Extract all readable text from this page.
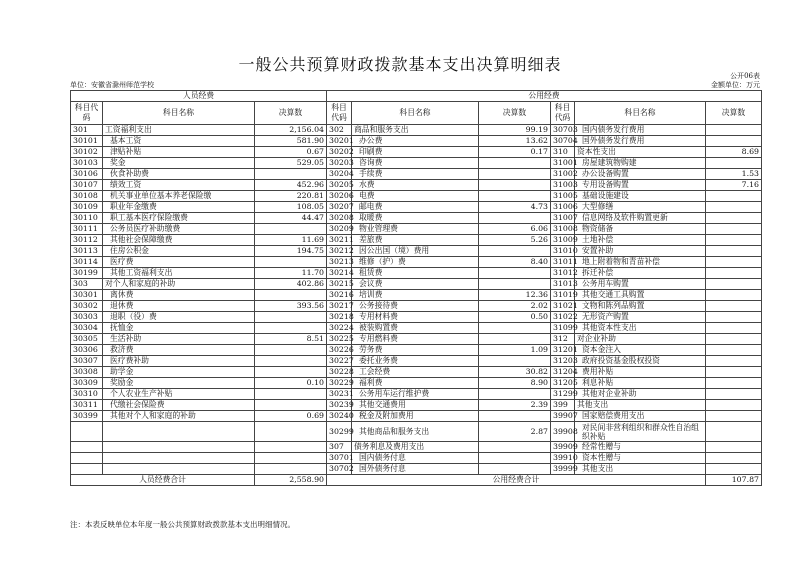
一般公共预算财政拨款基本支出决算明细表
公开06表
单位：安徽省滁州师范学校	金额单位：万元
人员经费			公用经费					
科目代码	科目名称	决算数	科目代码	科目名称	决算数	科目代码	科目名称	决算数
301	工资福利支出	2,156.04	302	商品和服务支出	99.19	30703	国内债务发行费用	
30101	基本工资	581.90	30201	办公费	13.62	30704	国外债务发行费用	
30102	津贴补贴	0.67	30202	印刷费	0.17	310	资本性支出	8.69
30103	奖金	529.05	30203	咨询费		31001	房屋建筑物购建	
30106	伙食补助费		30204	手续费		31002	办公设备购置	1.53
30107	绩效工资	452.96	30205	水费		31003	专用设备购置	7.16
30108	机关事业单位基本养老保险缴	220.81	30206	电费		31005	基础设施建设	
30109	职业年金缴费	108.05	30207	邮电费	4.73	31006	大型修缮	
30110	职工基本医疗保险缴费	44.47	30208	取暖费		31007	信息网络及软件购置更新	
30111	公务员医疗补助缴费		30209	物业管理费	6.06	31008	物资储备	
30112	其他社会保障缴费	11.69	30211	差旅费	5.26	31009	土地补偿	
30113	住房公积金	194.75	30212	因公出国（境）费用		31010	安置补助	
30114	医疗费		30213	维修（护）费	8.40	31011	地上附着物和青苗补偿	
30199	其他工资福利支出	11.70	30214	租赁费		31012	拆迁补偿	
303	对个人和家庭的补助	402.86	30215	会议费		31013	公务用车购置	
30301	离休费		30216	培训费	12.36	31019	其他交通工具购置	
30302	退休费	393.56	30217	公务接待费	2.02	31021	文物和陈列品购置	
30303	退职（役）费		30218	专用材料费	0.50	31022	无形资产购置	
30304	抚恤金		30224	被装购置费		31099	其他资本性支出	
30305	生活补助	8.51	30225	专用燃料费		312	对企业补助	
30306	救济费		30226	劳务费	1.09	31201	资本金注入	
30307	医疗费补助		30227	委托业务费		31203	政府投资基金股权投资	
30308	助学金		30228	工会经费	30.82	31204	费用补贴	
30309	奖励金	0.10	30229	福利费	8.90	31205	利息补贴	
30310	个人农业生产补贴		30231	公务用车运行维护费		31299	其他对企业补助	
30311	代缴社会保险费		30239	其他交通费用	2.39	399	其他支出	
30399	其他对个人和家庭的补助	0.69	30240	税金及附加费用		39907	国家赔偿费用支出	
			30299	其他商品和服务支出	2.87	39908	对民间非营利组织和群众性自治组织补贴	
			307	债务利息及费用支出		39909	经常性赠与	
			30701	国内债务付息		39910	资本性赠与	
			30702	国外债务付息		39999	其他支出	
人员经费合计		2,558.90	公用经费合计					107.87
注：本表反映单位本年度一般公共预算财政拨款基本支出明细情况。
